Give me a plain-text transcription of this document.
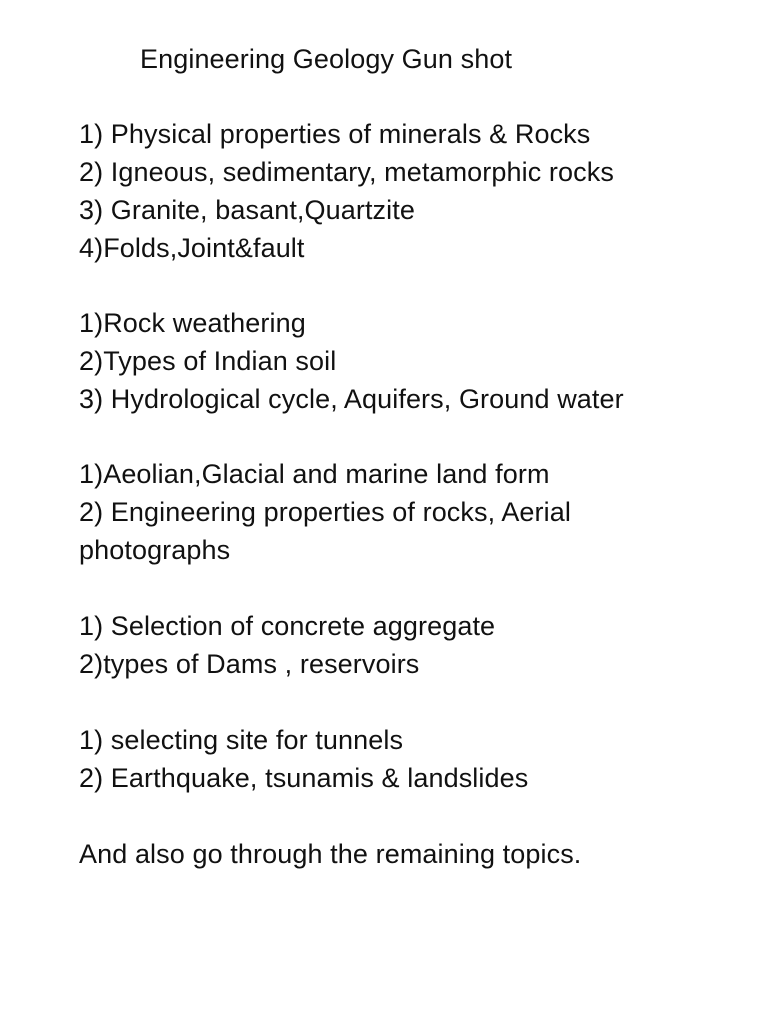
Engineering Geology Gun shot
1) Physical properties of minerals & Rocks
2) Igneous, sedimentary, metamorphic rocks
3) Granite, basant,Quartzite
4)Folds,Joint&fault
1)Rock weathering
2)Types of Indian soil
3) Hydrological cycle, Aquifers, Ground water
1)Aeolian,Glacial and marine land form
2) Engineering properties of rocks, Aerial photographs
1) Selection of concrete aggregate
2)types of Dams , reservoirs
1) selecting site for tunnels
2) Earthquake, tsunamis & landslides
And also go through the remaining topics.
